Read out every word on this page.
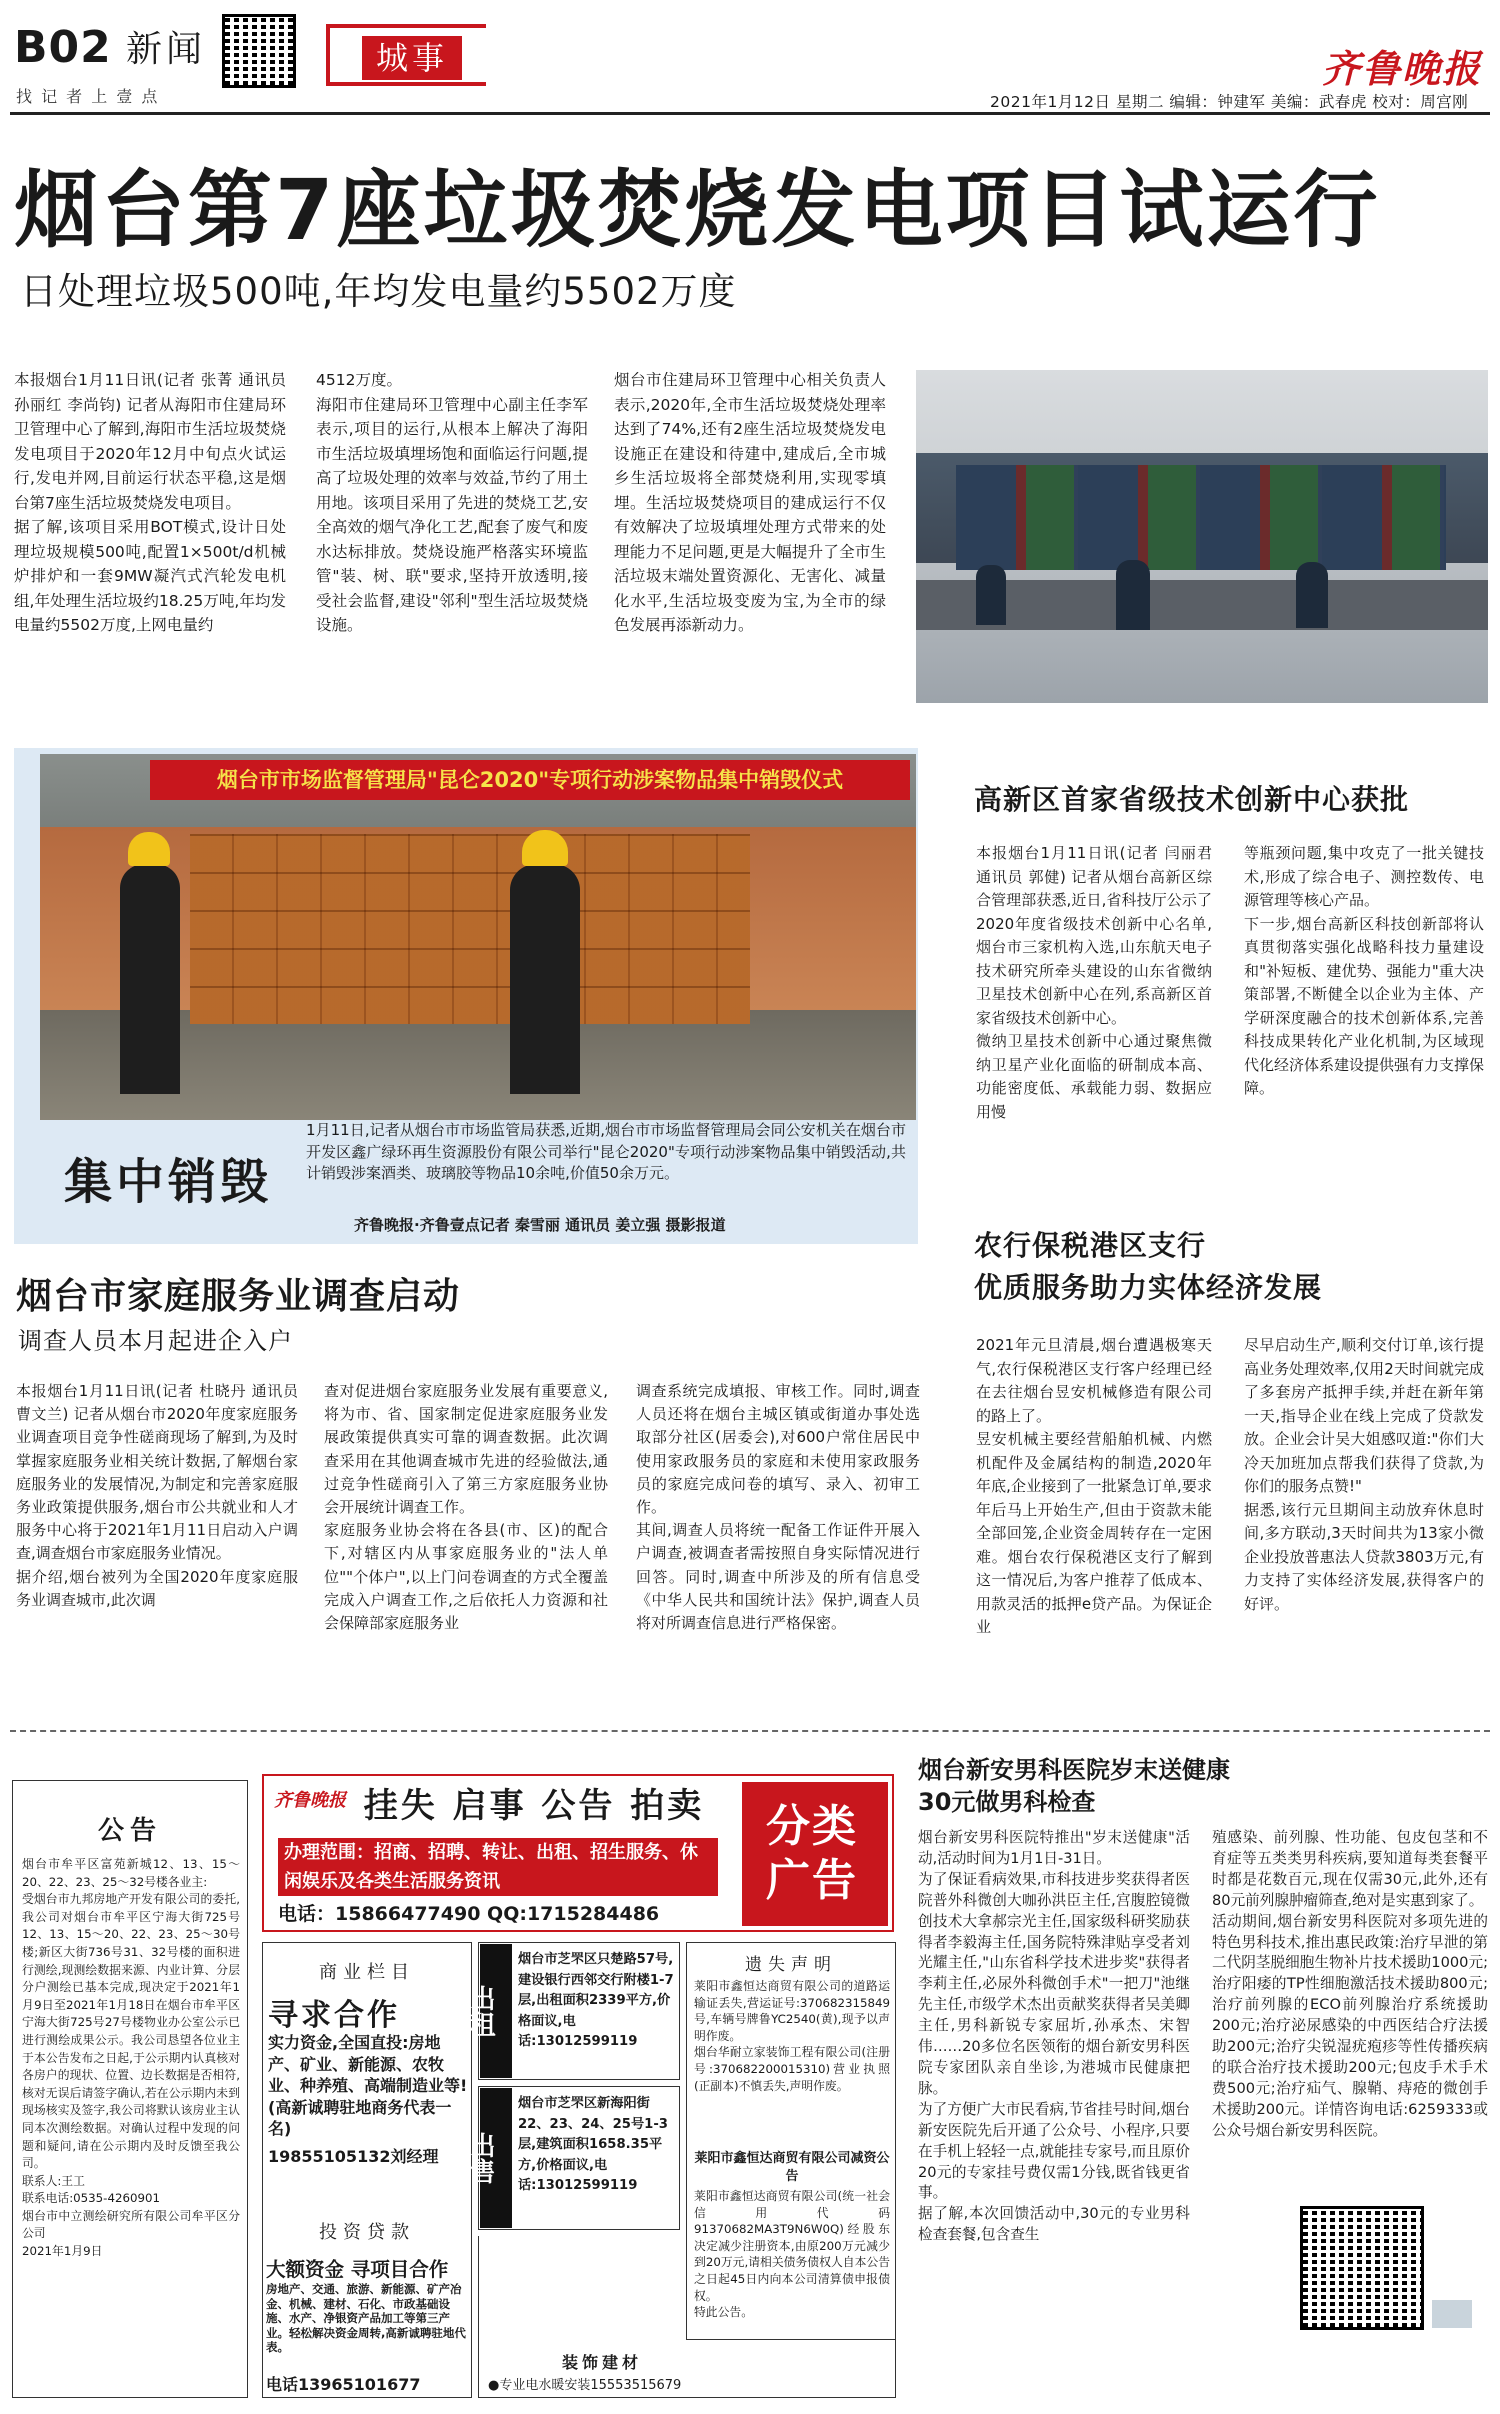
B02 新闻
找 记 者 上 壹 点
城事	齐鲁晚报
2021年1月12日 星期二 编辑：钟建军 美编：武春虎 校对：周宫刚
烟台第7座垃圾焚烧发电项目试运行
日处理垃圾500吨,年均发电量约5502万度
本报烟台1月11日讯(记者 张菁 通讯员 孙丽红 李尚钧) 记者从海阳市住建局环卫管理中心了解到,海阳市生活垃圾焚烧发电项目于2020年12月中旬点火试运行,发电并网,目前运行状态平稳,这是烟台第7座生活垃圾焚烧发电项目。
据了解,该项目采用BOT模式,设计日处理垃圾规模500吨,配置1×500t/d机械炉排炉和一套9MW凝汽式汽轮发电机组,年处理生活垃圾约18.25万吨,年均发电量约5502万度,上网电量约
4512万度。
海阳市住建局环卫管理中心副主任李军表示,项目的运行,从根本上解决了海阳市生活垃圾填埋场饱和面临运行问题,提高了垃圾处理的效率与效益,节约了用土用地。该项目采用了先进的焚烧工艺,安全高效的烟气净化工艺,配套了废气和废水达标排放。焚烧设施严格落实环境监管"装、树、联"要求,坚持开放透明,接受社会监督,建设"邻利"型生活垃圾焚烧设施。
烟台市住建局环卫管理中心相关负责人表示,2020年,全市生活垃圾焚烧处理率达到了74%,还有2座生活垃圾焚烧发电设施正在建设和待建中,建成后,全市城乡生活垃圾将全部焚烧利用,实现零填埋。生活垃圾焚烧项目的建成运行不仅有效解决了垃圾填埋处理方式带来的处理能力不足问题,更是大幅提升了全市生活垃圾末端处置资源化、无害化、减量化水平,生活垃圾变废为宝,为全市的绿色发展再添新动力。
烟台市市场监督管理局"昆仑2020"专项行动涉案物品集中销毁仪式
集中销毁
1月11日,记者从烟台市市场监管局获悉,近期,烟台市市场监督管理局会同公安机关在烟台市开发区鑫广绿环再生资源股份有限公司举行"昆仑2020"专项行动涉案物品集中销毁活动,共计销毁涉案酒类、玻璃胶等物品10余吨,价值50余万元。
齐鲁晚报·齐鲁壹点记者 秦雪丽 通讯员 姜立强 摄影报道
高新区首家省级技术创新中心获批
本报烟台1月11日讯(记者 闫丽君 通讯员 郭健) 记者从烟台高新区综合管理部获悉,近日,省科技厅公示了2020年度省级技术创新中心名单,烟台市三家机构入选,山东航天电子技术研究所牵头建设的山东省微纳卫星技术创新中心在列,系高新区首家省级技术创新中心。
微纳卫星技术创新中心通过聚焦微纳卫星产业化面临的研制成本高、功能密度低、承载能力弱、数据应用慢
等瓶颈问题,集中攻克了一批关键技术,形成了综合电子、测控数传、电源管理等核心产品。
下一步,烟台高新区科技创新部将认真贯彻落实强化战略科技力量建设和"补短板、建优势、强能力"重大决策部署,不断健全以企业为主体、产学研深度融合的技术创新体系,完善科技成果转化产业化机制,为区域现代化经济体系建设提供强有力支撑保障。
农行保税港区支行
优质服务助力实体经济发展
2021年元旦清晨,烟台遭遇极寒天气,农行保税港区支行客户经理已经在去往烟台昱安机械修造有限公司的路上了。
昱安机械主要经营船舶机械、内燃机配件及金属结构的制造,2020年年底,企业接到了一批紧急订单,要求年后马上开始生产,但由于资款未能全部回笼,企业资金周转存在一定困难。烟台农行保税港区支行了解到这一情况后,为客户推荐了低成本、用款灵活的抵押e贷产品。为保证企业
尽早启动生产,顺利交付订单,该行提高业务处理效率,仅用2天时间就完成了多套房产抵押手续,并赶在新年第一天,指导企业在线上完成了贷款发放。企业会计吴大姐感叹道:"你们大冷天加班加点帮我们获得了贷款,为你们的服务点赞!"
据悉,该行元旦期间主动放弃休息时间,多方联动,3天时间共为13家小微企业投放普惠法人贷款3803万元,有力支持了实体经济发展,获得客户的好评。
烟台市家庭服务业调查启动
调查人员本月起进企入户
本报烟台1月11日讯(记者 杜晓丹 通讯员 曹文兰) 记者从烟台市2020年度家庭服务业调查项目竞争性磋商现场了解到,为及时掌握家庭服务业相关统计数据,了解烟台家庭服务业的发展情况,为制定和完善家庭服务业政策提供服务,烟台市公共就业和人才服务中心将于2021年1月11日启动入户调查,调查烟台市家庭服务业情况。
据介绍,烟台被列为全国2020年度家庭服务业调查城市,此次调
查对促进烟台家庭服务业发展有重要意义,将为市、省、国家制定促进家庭服务业发展政策提供真实可靠的调查数据。此次调查采用在其他调查城市先进的经验做法,通过竞争性磋商引入了第三方家庭服务业协会开展统计调查工作。
家庭服务业协会将在各县(市、区)的配合下,对辖区内从事家庭服务业的"法人单位""个体户",以上门问卷调查的方式全覆盖完成入户调查工作,之后依托人力资源和社会保障部家庭服务业
调查系统完成填报、审核工作。同时,调查人员还将在烟台主城区镇或街道办事处选取部分社区(居委会),对600户常住居民中使用家政服务员的家庭和未使用家政服务员的家庭完成问卷的填写、录入、初审工作。
其间,调查人员将统一配备工作证件开展入户调查,被调查者需按照自身实际情况进行回答。同时,调查中所涉及的所有信息受《中华人民共和国统计法》保护,调查人员将对所调查信息进行严格保密。
公告
烟台市牟平区富苑新城12、13、15～20、22、23、25～32号楼各业主:
受烟台市九邦房地产开发有限公司的委托,我公司对烟台市牟平区宁海大街725号12、13、15～20、22、23、25～30号楼;新区大街736号31、32号楼的面积进行测绘,现测绘数据来源、内业计算、分层分户测绘已基本完成,现决定于2021年1月9日至2021年1月18日在烟台市牟平区宁海大街725号27号楼物业办公室公示已进行测绘成果公示。我公司恳望各位业主于本公告发布之日起,于公示期内认真核对各房户的现状、位置、边长数据是否相符,核对无误后请签字确认,若在公示期内未到现场核实及签字,我公司将默认该房业主认同本次测绘数据。对确认过程中发现的问题和疑问,请在公示期内及时反馈至我公司。
联系人:王工
联系电话:0535-4260901
烟台市中立测绘研究所有限公司牟平区分公司
2021年1月9日
齐鲁晚报 挂失 启事 公告 拍卖
办理范围：招商、招聘、转让、出租、招生服务、休闲娱乐及各类生活服务资讯
电话：15866477490 QQ:1715284486
分类广告
商业栏目
寻求合作
实力资金,全国直投:房地产、矿业、新能源、农牧业、种养殖、高端制造业等!(高新诚聘驻地商务代表一名)
19855105132刘经理
投资贷款
大额资金 寻项目合作
房地产、交通、旅游、新能源、矿产冶金、机械、建材、石化、市政基础设施、水产、净银资产品加工等第三产业。轻松解决资金周转,高新诚聘驻地代表。
电话13965101677
出租
烟台市芝罘区只楚路57号,建设银行西邻交行附楼1-7层,出租面积2339平方,价格面议,电话:13012599119
出售
烟台市芝罘区新海阳街22、23、24、25号1-3层,建筑面积1658.35平方,价格面议,电话:13012599119
遗失声明
莱阳市鑫恒达商贸有限公司的道路运输证丢失,营运证号:370682315849号,车辆号牌鲁YC2540(黄),现予以声明作废。
烟台华耐立家装饰工程有限公司(注册号:370682200015310)营业执照(正副本)不慎丢失,声明作废。
莱阳市鑫恒达商贸有限公司减资公告
莱阳市鑫恒达商贸有限公司(统一社会信用代码91370682MA3T9N6W0Q)经股东决定减少注册资本,由原200万元减少到20万元,请相关债务债权人自本公告之日起45日内向本公司清算债申报债权。
特此公告。
装饰建材
●专业电水暖安装15553515679
烟台新安男科医院岁末送健康
30元做男科检查
烟台新安男科医院特推出"岁末送健康"活动,活动时间为1月1日-31日。
为了保证看病效果,市科技进步奖获得者医院普外科微创大咖孙洪臣主任,宫腹腔镜微创技术大拿郝宗光主任,国家级科研奖励获得者李毅海主任,国务院特殊津贴享受者刘光耀主任,"山东省科学技术进步奖"获得者李莉主任,必尿外科微创手术"一把刀"池继先主任,市级学术杰出贡献奖获得者吴美卿主任,男科新锐专家屈圻,孙承杰、宋智伟……20多位名医领衔的烟台新安男科医院专家团队亲自坐诊,为港城市民健康把脉。
为了方便广大市民看病,节省挂号时间,烟台新安医院先后开通了公众号、小程序,只要在手机上轻轻一点,就能挂专家号,而且原价20元的专家挂号费仅需1分钱,既省钱更省事。
据了解,本次回馈活动中,30元的专业男科检查套餐,包含查生
殖感染、前列腺、性功能、包皮包茎和不育症等五类类男科疾病,要知道每类套餐平时都是花数百元,现在仅需30元,此外,还有80元前列腺肿瘤筛查,绝对是实惠到家了。
活动期间,烟台新安男科医院对多项先进的特色男科技术,推出惠民政策:治疗早泄的第二代阴茎脱细胞生物补片技术援助1000元;治疗阳痿的TP性细胞激活技术援助800元;治疗前列腺的ECO前列腺治疗系统援助200元;治疗泌尿感染的中西医结合疗法援助200元;治疗尖锐湿疣疱疹等性传播疾病的联合治疗技术援助200元;包皮手术手术费500元;治疗疝气、腺鞘、痔疮的微创手术援助200元。详情咨询电话:6259333或公众号烟台新安男科医院。
